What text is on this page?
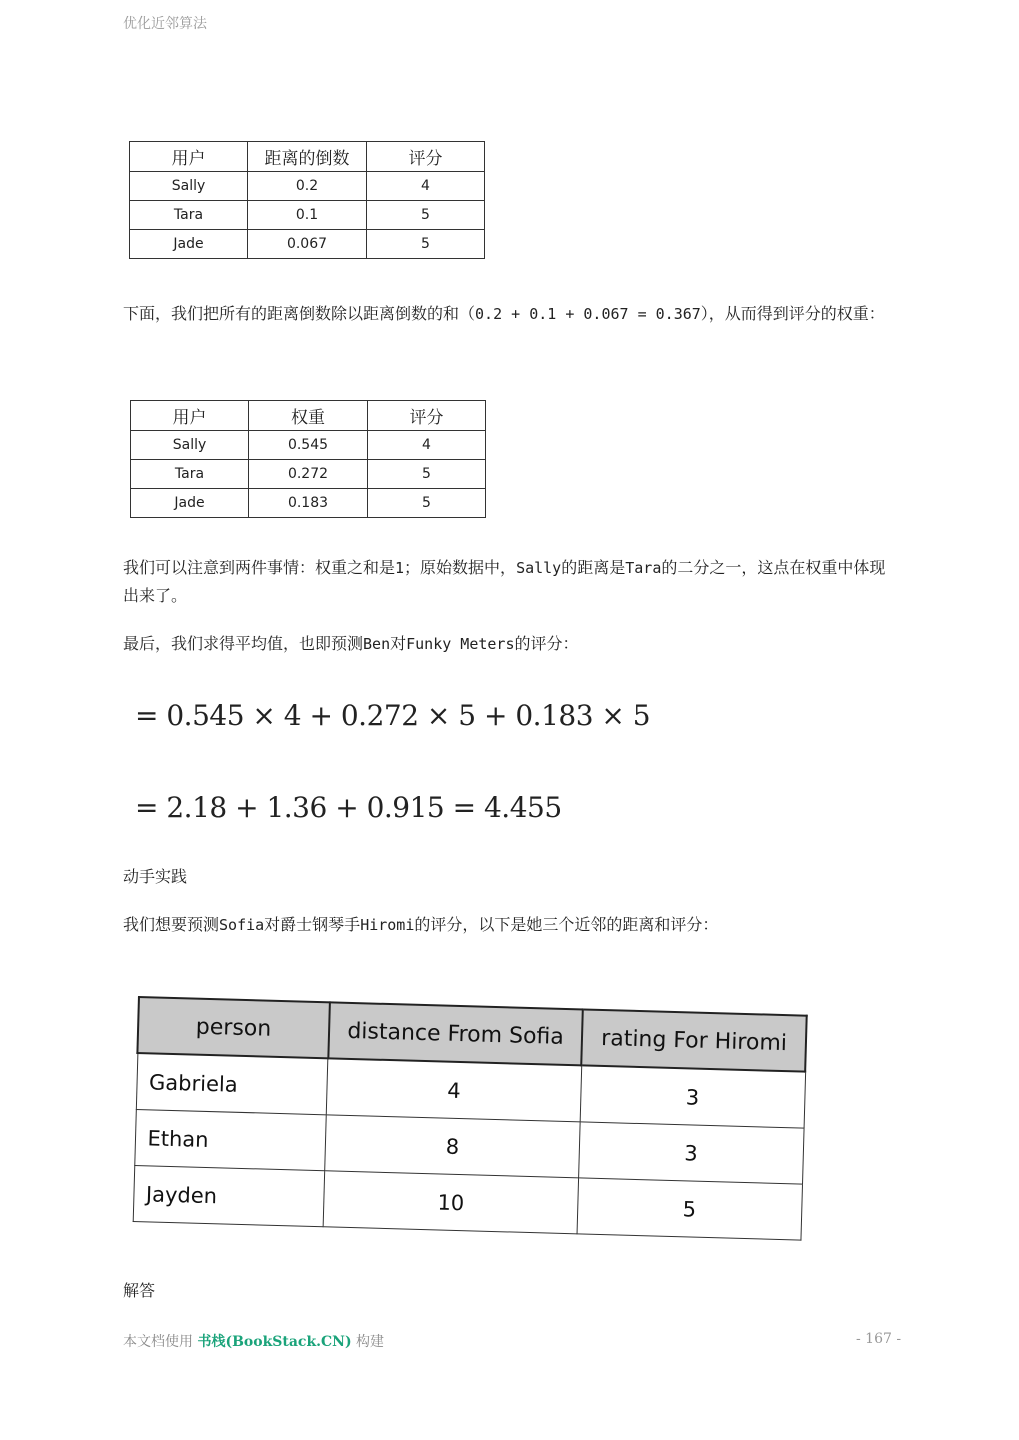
优化近邻算法
用户	距离的倒数	评分
Sally	0.2	4
Tara	0.1	5
Jade	0.067	5
下面，我们把所有的距离倒数除以距离倒数的和（0.2 + 0.1 + 0.067 = 0.367），从而得到评分的权重：
用户	权重	评分
Sally	0.545	4
Tara	0.272	5
Jade	0.183	5
我们可以注意到两件事情：权重之和是1；原始数据中，Sally的距离是Tara的二分之一，这点在权重中体现出来了。
最后，我们求得平均值，也即预测Ben对Funky Meters的评分：
= 0.545 × 4 + 0.272 × 5 + 0.183 × 5
= 2.18 + 1.36 + 0.915 = 4.455
动手实践
我们想要预测Sofia对爵士钢琴手Hiromi的评分，以下是她三个近邻的距离和评分：
person	distance From Sofia	rating For Hiromi
Gabriela	4	3
Ethan	8	3
Jayden	10	5
解答
本文档使用 书栈(BookStack.CN) 构建	- 167 -
